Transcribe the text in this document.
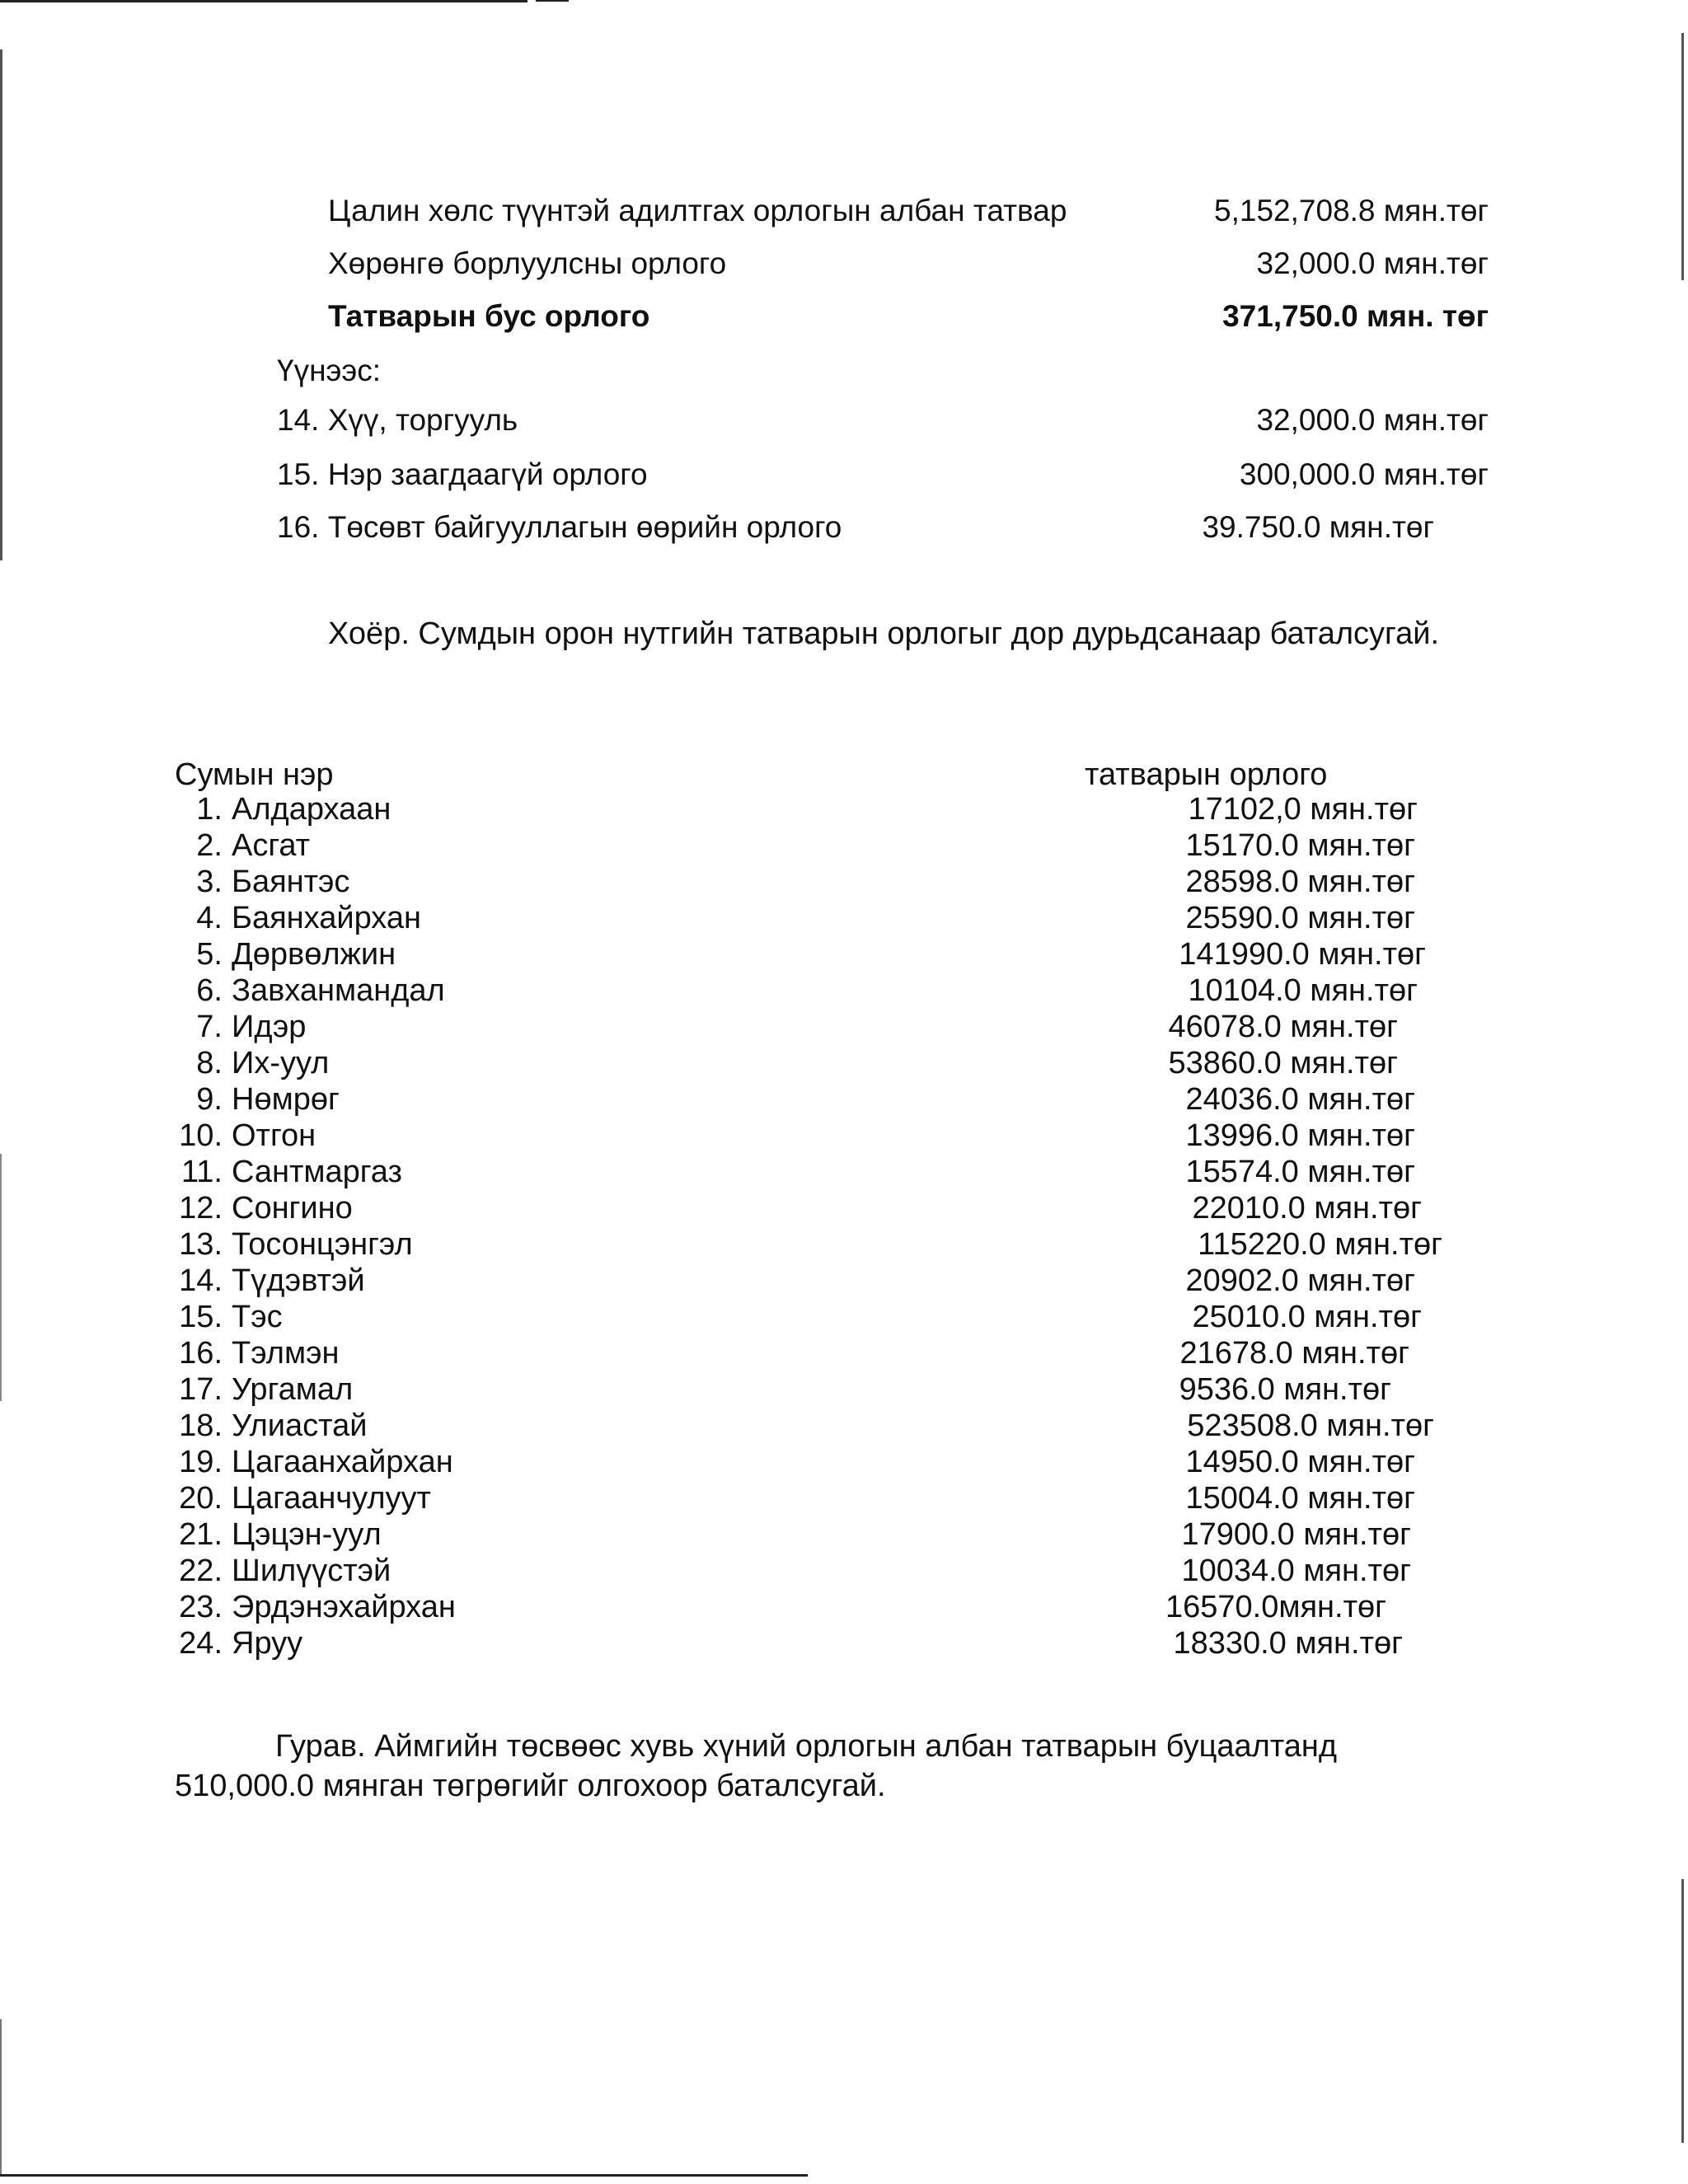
Цалин хөлс түүнтэй адилтгах орлогын албан татвар	5,152,708.8 мян.төг
Хөрөнгө борлуулсны орлого	32,000.0 мян.төг
Татварын бус орлого	371,750.0 мян. төг
Үүнээс:
14. Хүү, торгууль	32,000.0 мян.төг
15. Нэр заагдаагүй орлого	300,000.0 мян.төг
16. Төсөвт байгууллагын өөрийн орлого	39.750.0 мян.төг
Хоёр. Сумдын орон нутгийн татварын орлогыг дор дурьдсанаар баталсугай.
Сумын нэр	татварын орлого
1. Алдархаан	17102,0 мян.төг
2. Асгат	15170.0 мян.төг
3. Баянтэс	28598.0 мян.төг
4. Баянхайрхан	25590.0 мян.төг
5. Дөрвөлжин	141990.0 мян.төг
6. Завханмандал	10104.0 мян.төг
7. Идэр	46078.0 мян.төг
8. Их-уул	53860.0 мян.төг
9. Нөмрөг	24036.0 мян.төг
10. Отгон	13996.0 мян.төг
11. Сантмаргаз	15574.0 мян.төг
12. Сонгино	22010.0 мян.төг
13. Тосонцэнгэл	115220.0 мян.төг
14. Түдэвтэй	20902.0 мян.төг
15. Тэс	25010.0 мян.төг
16. Тэлмэн	21678.0 мян.төг
17. Ургамал	9536.0 мян.төг
18. Улиастай	523508.0 мян.төг
19. Цагаанхайрхан	14950.0 мян.төг
20. Цагаанчулуут	15004.0 мян.төг
21. Цэцэн-уул	17900.0 мян.төг
22. Шилүүстэй	10034.0 мян.төг
23. Эрдэнэхайрхан	16570.0мян.төг
24. Яруу	18330.0 мян.төг
Гурав. Аймгийн төсвөөс хувь хүний орлогын албан татварын буцаалтанд 510,000.0 мянган төгрөгийг олгохоор баталсугай.
